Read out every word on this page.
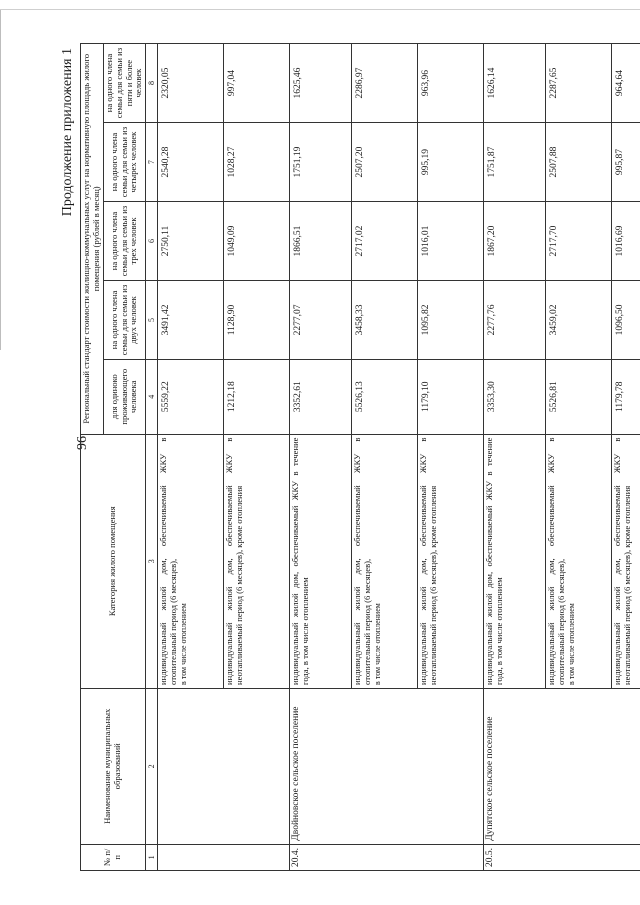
96
Продолжение приложения 1
№ п/п	Наименование муниципальных образований	Категория жилого помещения	Региональный стандарт стоимости жилищно-коммунальных услуг на нормативную площадь жилого помещения (рублей в месяц)				
			для одиноко проживающего человека	на одного члена семьи для семьи из двух человек	на одного члена семьи для семьи из трех человек	на одного члена семьи для семьи из четырех человек	на одного члена семьи для семьи из пяти и более человек
1	2	3	4	5	6	7	8
		индивидуальный жилой дом, обеспечиваемый ЖКУ в отопительный период (6 месяцев), в том числе отоплением	5559,22	3491,42	2750,11	2540,28	2320,05
		индивидуальный жилой дом, обеспечиваемый ЖКУ в неотапливаемый период (6 месяцев), кроме отопления	1212,18	1128,90	1049,09	1028,27	997,04
20.4.	Двойновское сельское поселение	индивидуальный жилой дом, обеспечиваемый ЖКУ в течение года, в том числе отоплением	3352,61	2277,07	1866,51	1751,19	1625,46
		индивидуальный жилой дом, обеспечиваемый ЖКУ в отопительный период (6 месяцев), в том числе отоплением	5526,13	3458,33	2717,02	2507,20	2286,97
		индивидуальный жилой дом, обеспечиваемый ЖКУ в неотапливаемый период (6 месяцев), кроме отопления	1179,10	1095,82	1016,01	995,19	963,96
20.5.	Дупятское сельское поселение	индивидуальный жилой дом, обеспечиваемый ЖКУ в течение года, в том числе отоплением	3353,30	2277,76	1867,20	1751,87	1626,14
		индивидуальный жилой дом, обеспечиваемый ЖКУ в отопительный период (6 месяцев), в том числе отоплением	5526,81	3459,02	2717,70	2507,88	2287,65
		индивидуальный жилой дом, обеспечиваемый ЖКУ в неотапливаемый период (6 месяцев), кроме отопления	1179,78	1096,50	1016,69	995,87	964,64
